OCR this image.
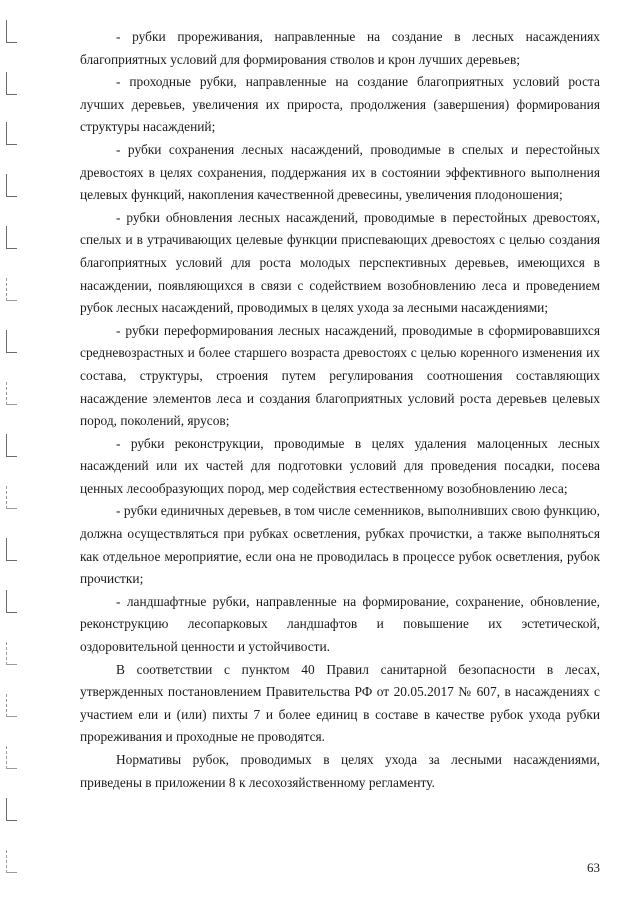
- рубки прореживания, направленные на создание в лесных насаждениях благоприятных условий для формирования стволов и крон лучших деревьев;

- проходные рубки, направленные на создание благоприятных условий роста лучших деревьев, увеличения их прироста, продолжения (завершения) формирования структуры насаждений;

- рубки сохранения лесных насаждений, проводимые в спелых и перестойных древостоях в целях сохранения, поддержания их в состоянии эффективного выполнения целевых функций, накопления качественной древесины, увеличения плодоношения;

- рубки обновления лесных насаждений, проводимые в перестойных древостоях, спелых и в утрачивающих целевые функции приспевающих древостоях с целью создания благоприятных условий для роста молодых перспективных деревьев, имеющихся в насаждении, появляющихся в связи с содействием возобновлению леса и проведением рубок лесных насаждений, проводимых в целях ухода за лесными насаждениями;

- рубки переформирования лесных насаждений, проводимые в сформировавшихся средневозрастных и более старшего возраста древостоях с целью коренного изменения их состава, структуры, строения путем регулирования соотношения составляющих насаждение элементов леса и создания благоприятных условий роста деревьев целевых пород, поколений, ярусов;

- рубки реконструкции, проводимые в целях удаления малоценных лесных насаждений или их частей для подготовки условий для проведения посадки, посева ценных лесообразующих пород, мер содействия естественному возобновлению леса;

- рубки единичных деревьев, в том числе семенников, выполнивших свою функцию, должна осуществляться при рубках осветления, рубках прочистки, а также выполняться как отдельное мероприятие, если она не проводилась в процессе рубок осветления, рубок прочистки;

- ландшафтные рубки, направленные на формирование, сохранение, обновление, реконструкцию лесопарковых ландшафтов и повышение их эстетической, оздоровительной ценности и устойчивости.

В соответствии с пунктом 40 Правил санитарной безопасности в лесах, утвержденных постановлением Правительства РФ от 20.05.2017 № 607, в насаждениях с участием ели и (или) пихты 7 и более единиц в составе в качестве рубок ухода рубки прореживания и проходные не проводятся.

Нормативы рубок, проводимых в целях ухода за лесными насаждениями, приведены в приложении 8 к лесохозяйственному регламенту.

63
